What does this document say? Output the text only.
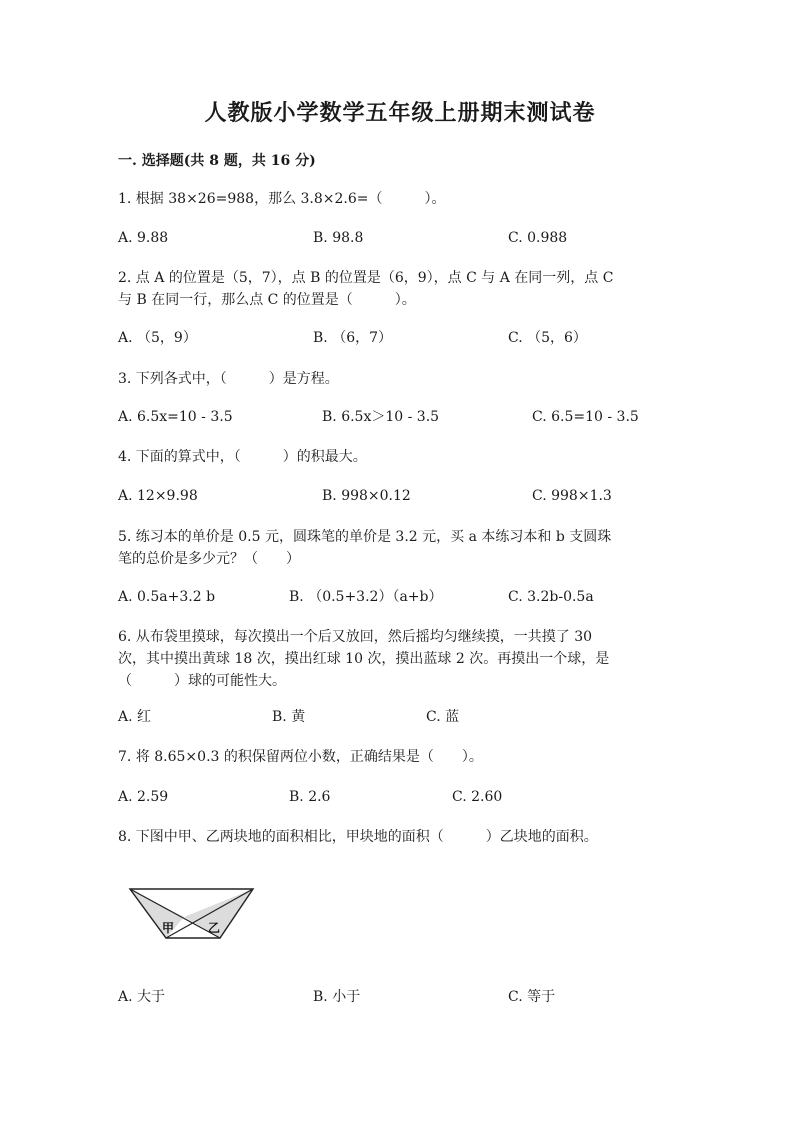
人教版小学数学五年级上册期末测试卷
一. 选择题(共 8 题，共 16 分)
1. 根据 38×26=988，那么 3.8×2.6=（　　　）。
A. 9.88	B. 98.8	C. 0.988
2. 点 A 的位置是（5，7），点 B 的位置是（6，9），点 C 与 A 在同一列，点 C
与 B 在同一行，那么点 C 的位置是（　　　）。
A. （5，9）	B. （6，7）	C. （5，6）
3. 下列各式中，（　　　）是方程。
A. 6.5x=10 - 3.5	B. 6.5x＞10 - 3.5	C. 6.5=10 - 3.5
4. 下面的算式中，（　　　）的积最大。
A. 12×9.98	B. 998×0.12	C. 998×1.3
5. 练习本的单价是 0.5 元，圆珠笔的单价是 3.2 元，买 a 本练习本和 b 支圆珠
笔的总价是多少元？（　　）
A. 0.5a+3.2 b	B. （0.5+3.2）（a+b）	C. 3.2b-0.5a
6. 从布袋里摸球，每次摸出一个后又放回，然后摇均匀继续摸，一共摸了 30
次，其中摸出黄球 18 次，摸出红球 10 次，摸出蓝球 2 次。再摸出一个球，是
（　　　）球的可能性大。
A. 红	B. 黄	C. 蓝
7. 将 8.65×0.3 的积保留两位小数，正确结果是（　　）。
A. 2.59	B. 2.6	C. 2.60
8. 下图中甲、乙两块地的面积相比，甲块地的面积（　　　）乙块地的面积。
甲	乙
A. 大于	B. 小于	C. 等于
